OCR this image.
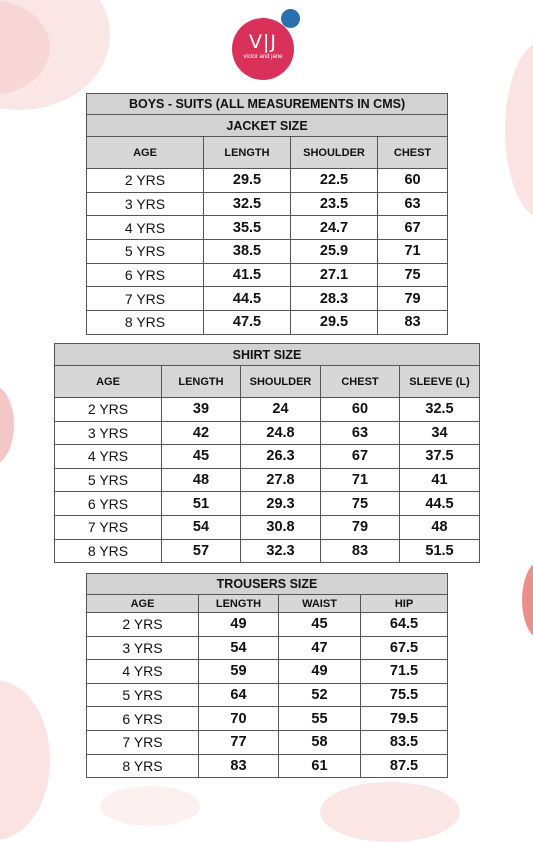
V|J
victor and jane
BOYS - SUITS (ALL MEASUREMENTS IN CMS)			
JACKET SIZE			
AGE	LENGTH	SHOULDER	CHEST
2 YRS	29.5	22.5	60
3 YRS	32.5	23.5	63
4 YRS	35.5	24.7	67
5 YRS	38.5	25.9	71
6 YRS	41.5	27.1	75
7 YRS	44.5	28.3	79
8 YRS	47.5	29.5	83
SHIRT SIZE				
AGE	LENGTH	SHOULDER	CHEST	SLEEVE (L)
2 YRS	39	24	60	32.5
3 YRS	42	24.8	63	34
4 YRS	45	26.3	67	37.5
5 YRS	48	27.8	71	41
6 YRS	51	29.3	75	44.5
7 YRS	54	30.8	79	48
8 YRS	57	32.3	83	51.5
TROUSERS SIZE			
AGE	LENGTH	WAIST	HIP
2 YRS	49	45	64.5
3 YRS	54	47	67.5
4 YRS	59	49	71.5
5 YRS	64	52	75.5
6 YRS	70	55	79.5
7 YRS	77	58	83.5
8 YRS	83	61	87.5
